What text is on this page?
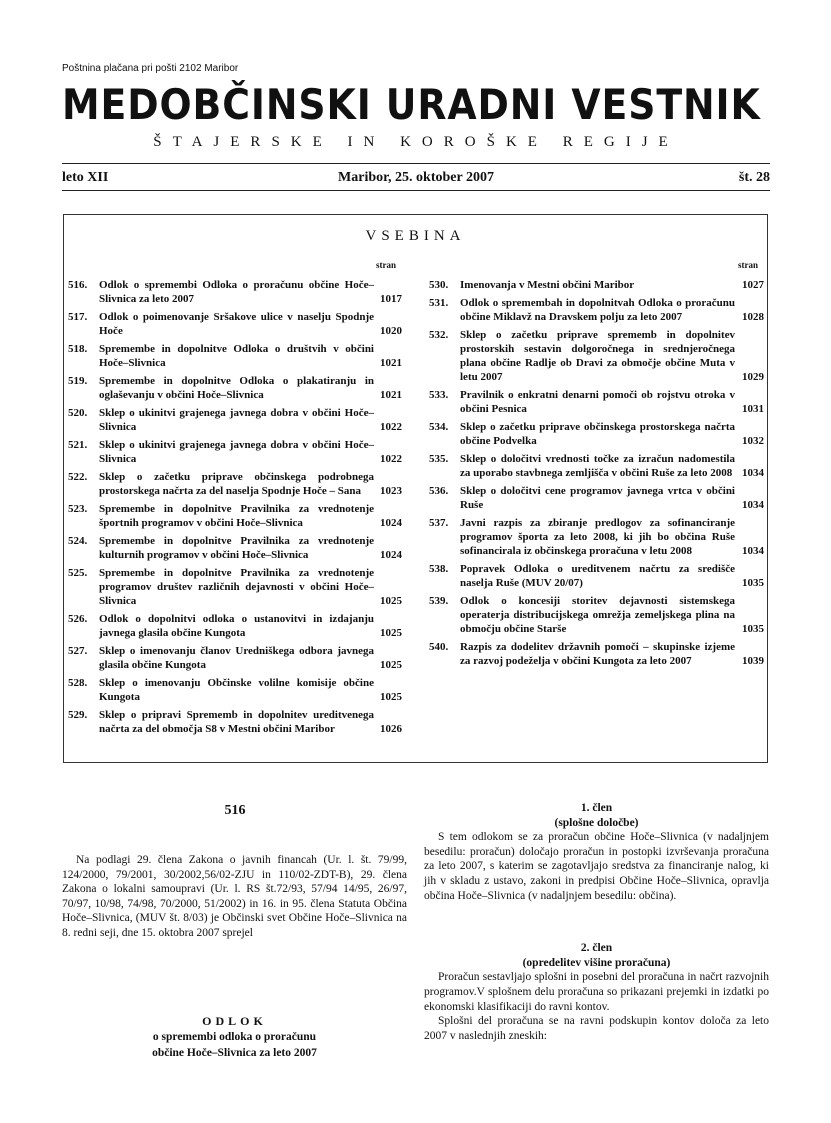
Poštnina plačana pri pošti 2102 Maribor
MEDOBČINSKI URADNI VESTNIK
ŠTAJERSKE IN KOROŠKE REGIJE
leto XII	Maribor, 25. oktober 2007	št. 28
VSEBINA
stran	stran
516. Odlok o spremembi Odloka o proračunu občine Hoče–Slivnica za leto 2007	1017
517. Odlok o poimenovanje Sršakove ulice v naselju Spodnje Hoče	1020
518. Spremembe in dopolnitve Odloka o društvih v občini Hoče–Slivnica	1021
519. Spremembe in dopolnitve Odloka o plakatiranju in oglaševanju v občini Hoče–Slivnica	1021
520. Sklep o ukinitvi grajenega javnega dobra v občini Hoče–Slivnica	1022
521. Sklep o ukinitvi grajenega javnega dobra v občini Hoče–Slivnica	1022
522. Sklep o začetku priprave občinskega podrobnega prostorskega načrta za del naselja Spodnje Hoče – Sana	1023
523. Spremembe in dopolnitve Pravilnika za vrednotenje športnih programov v občini Hoče–Slivnica	1024
524. Spremembe in dopolnitve Pravilnika za vrednotenje kulturnih programov v občini Hoče–Slivnica	1024
525. Spremembe in dopolnitve Pravilnika za vrednotenje programov društev različnih dejavnosti v občini Hoče–Slivnica	1025
526. Odlok o dopolnitvi odloka o ustanovitvi in izdajanju javnega glasila občine Kungota	1025
527. Sklep o imenovanju članov Uredniškega odbora javnega glasila občine Kungota	1025
528. Sklep o imenovanju Občinske volilne komisije občine Kungota	1025
529. Sklep o pripravi Sprememb in dopolnitev ureditvenega načrta za del območja S8 v Mestni občini Maribor	1026
530. Imenovanja v Mestni občini Maribor	1027
531. Odlok o spremembah in dopolnitvah Odloka o proračunu občine Miklavž na Dravskem polju za leto 2007	1028
532. Sklep o začetku priprave sprememb in dopolnitev prostorskih sestavin dolgoročnega in srednjeročnega plana občine Radlje ob Dravi za območje občine Muta v letu 2007	1029
533. Pravilnik o enkratni denarni pomoči ob rojstvu otroka v občini Pesnica	1031
534. Sklep o začetku priprave občinskega prostorskega načrta občine Podvelka	1032
535. Sklep o določitvi vrednosti točke za izračun nadomestila za uporabo stavbnega zemljišča v občini Ruše za leto 2008 1034
536. Sklep o določitvi cene programov javnega vrtca v občini Ruše	1034
537. Javni razpis za zbiranje predlogov za sofinanciranje programov športa za leto 2008, ki jih bo občina Ruše sofinancirala iz občinskega proračuna v letu 2008	1034
538. Popravek Odloka o ureditvenem načrtu za središče naselja Ruše (MUV 20/07)	1035
539. Odlok o koncesiji storitev dejavnosti sistemskega operaterja distribucijskega omrežja zemeljskega plina na območju občine Starše	1035
540. Razpis za dodelitev državnih pomoči – skupinske izjeme za razvoj podeželja v občini Kungota za leto 2007	1039
516

Na podlagi 29. člena Zakona o javnih financah (Ur. l. št. 79/99, 124/2000, 79/2001, 30/2002,56/02-ZJU in 110/02-ZDT-B), 29. člena Zakona o lokalni samoupravi (Ur. l. RS št.72/93, 57/94 14/95, 26/97, 70/97, 10/98, 74/98, 70/2000, 51/2002) in 16. in 95. člena Statuta Občina Hoče–Slivnica, (MUV št. 8/03) je Občinski svet Občine Hoče–Slivnica na 8. redni seji, dne 15. oktobra 2007 sprejel

ODLOK
o spremembi odloka o proračunu
občine Hoče–Slivnica za leto 2007

1. člen

(splošne določbe)

S tem odlokom se za proračun občine Hoče–Slivnica (v nadaljnjem besedilu: proračun) določajo proračun in postopki izvrševanja proračuna za leto 2007, s katerim se zagotavljajo sredstva za financiranje nalog, ki jih v skladu z ustavo, zakoni in predpisi Občine Hoče–Slivnica, opravlja občina Hoče–Slivnica (v nadaljnjem besedilu: občina).

2. člen

(opredelitev višine proračuna)

Proračun sestavljajo splošni in posebni del proračuna in načrt razvojnih programov.V splošnem delu proračuna so prikazani prejemki in izdatki po ekonomski klasifikaciji do ravni kontov.

Splošni del proračuna se na ravni podskupin kontov določa za leto 2007 v naslednjih zneskih:
